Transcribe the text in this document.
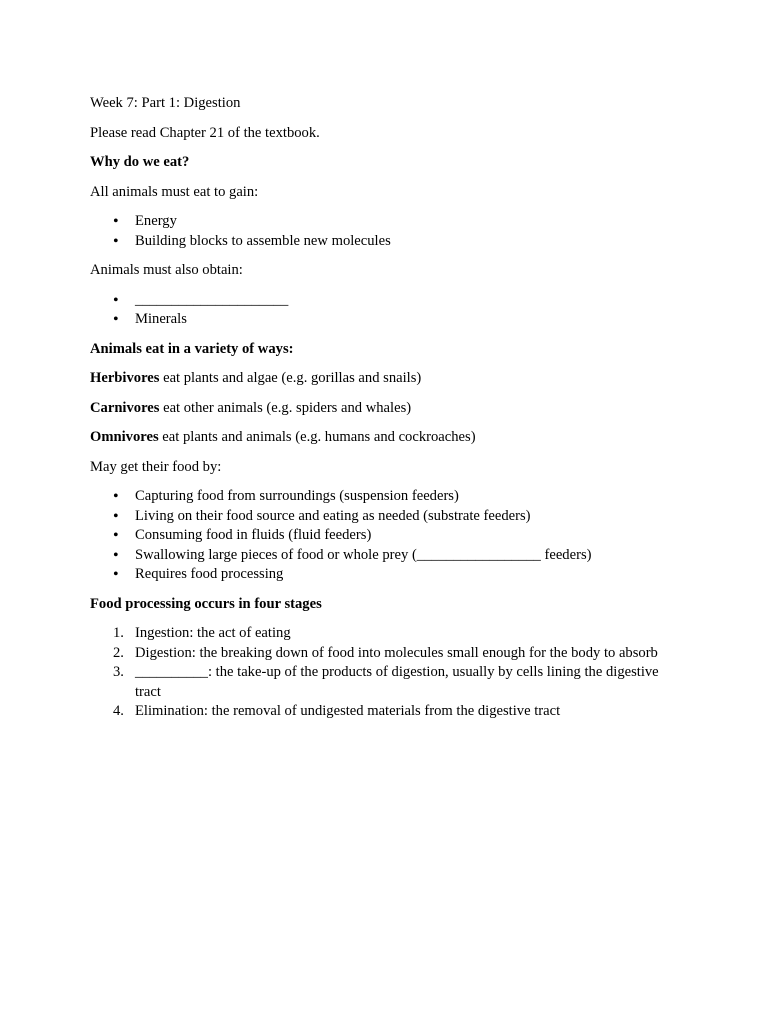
Week 7: Part 1: Digestion

Please read Chapter 21 of the textbook.

Why do we eat?

All animals must eat to gain:

• Energy
• Building blocks to assemble new molecules

Animals must also obtain:

• _____________________
• Minerals

Animals eat in a variety of ways:

Herbivores eat plants and algae (e.g. gorillas and snails)

Carnivores eat other animals (e.g. spiders and whales)

Omnivores eat plants and animals (e.g. humans and cockroaches)

May get their food by:

• Capturing food from surroundings (suspension feeders)
• Living on their food source and eating as needed (substrate feeders)
• Consuming food in fluids (fluid feeders)
• Swallowing large pieces of food or whole prey (_________________ feeders)
• Requires food processing

Food processing occurs in four stages

Ingestion: the act of eating
Digestion: the breaking down of food into molecules small enough for the body to absorb
__________: the take-up of the products of digestion, usually by cells lining the digestive tract
Elimination: the removal of undigested materials from the digestive tract
